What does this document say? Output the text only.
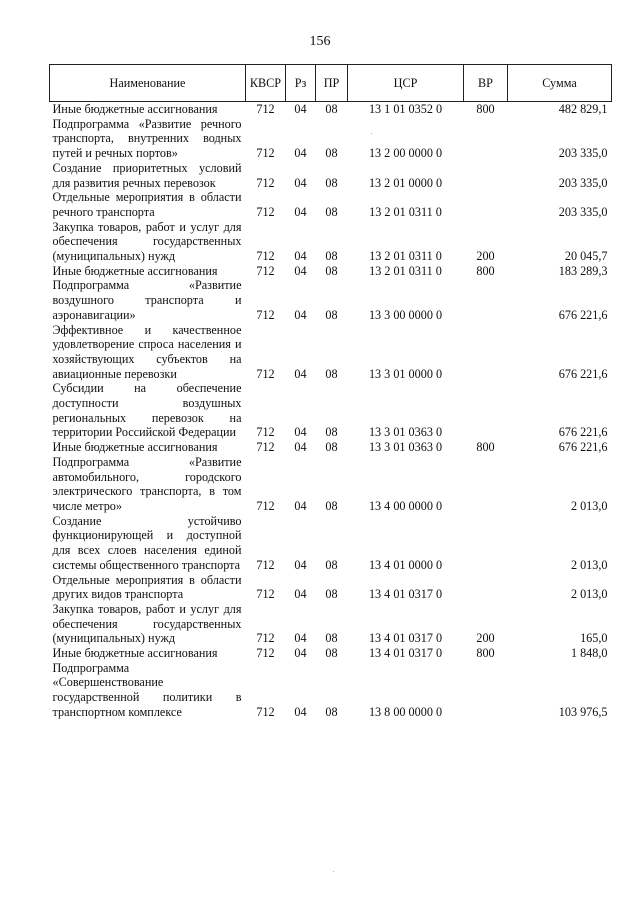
156
Наименование	КВСР	Рз	ПР	ЦСР	ВР	Сумма
Иные бюджетные ассигнования	712	04	08	13 1 01 0352 0	800	482 829,1
Подпрограмма «Развитие речного транспорта, внутренних водных путей и речных портов»	712	04	08	13 2 00 0000 0		203 335,0
Создание приоритетных условий для развития речных перевозок	712	04	08	13 2 01 0000 0		203 335,0
Отдельные мероприятия в области речного транспорта	712	04	08	13 2 01 0311 0		203 335,0
Закупка товаров, работ и услуг для обеспечения государственных (муниципальных) нужд	712	04	08	13 2 01 0311 0	200	20 045,7
Иные бюджетные ассигнования	712	04	08	13 2 01 0311 0	800	183 289,3
Подпрограмма «Развитие воздушного транспорта и аэронавигации»	712	04	08	13 3 00 0000 0		676 221,6
Эффективное и качественное удовлетворение спроса населения и хозяйствующих субъектов на авиационные перевозки	712	04	08	13 3 01 0000 0		676 221,6
Субсидии на обеспечение доступности воздушных региональных перевозок на территории Российской Федерации	712	04	08	13 3 01 0363 0		676 221,6
Иные бюджетные ассигнования	712	04	08	13 3 01 0363 0	800	676 221,6
Подпрограмма «Развитие автомобильного, городского электрического транспорта, в том числе метро»	712	04	08	13 4 00 0000 0		2 013,0
Создание устойчиво функционирующей и доступной для всех слоев населения единой системы общественного транспорта	712	04	08	13 4 01 0000 0		2 013,0
Отдельные мероприятия в области других видов транспорта	712	04	08	13 4 01 0317 0		2 013,0
Закупка товаров, работ и услуг для обеспечения государственных (муниципальных) нужд	712	04	08	13 4 01 0317 0	200	165,0
Иные бюджетные ассигнования	712	04	08	13 4 01 0317 0	800	1 848,0
Подпрограмма «Совершенствование государственной политики в транспортном комплексе	712	04	08	13 8 00 0000 0		103 976,5
